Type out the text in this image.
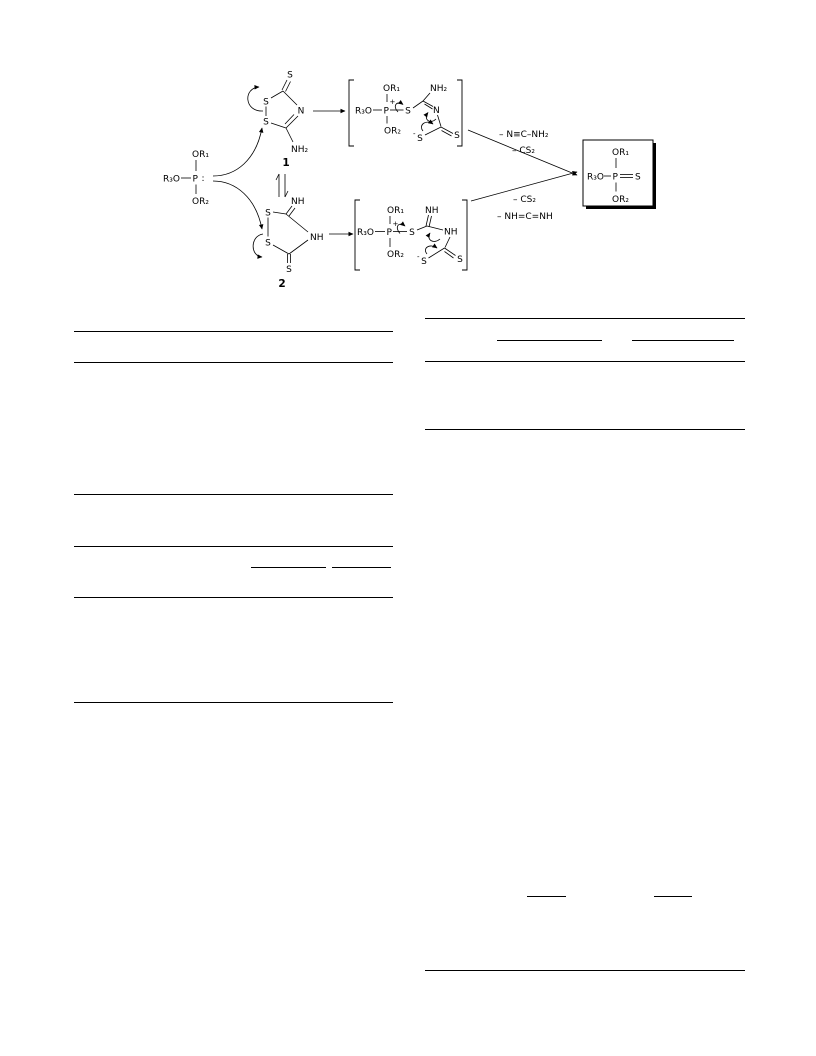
OR₁
R₃O P :
OR₂
S
S
S
N
NH₂
1
NH
S
S
NH
S
2
OR₁
R₃O P
+
OR₂
S
NH₂
N
- S	S
OR₁
R₃O P
+
OR₂
S
NH
NH
- S	S
– N≡C–NH₂
– CS₂
– CS₂
– NH=C=NH
OR₁
R₃O P S
OR₂
